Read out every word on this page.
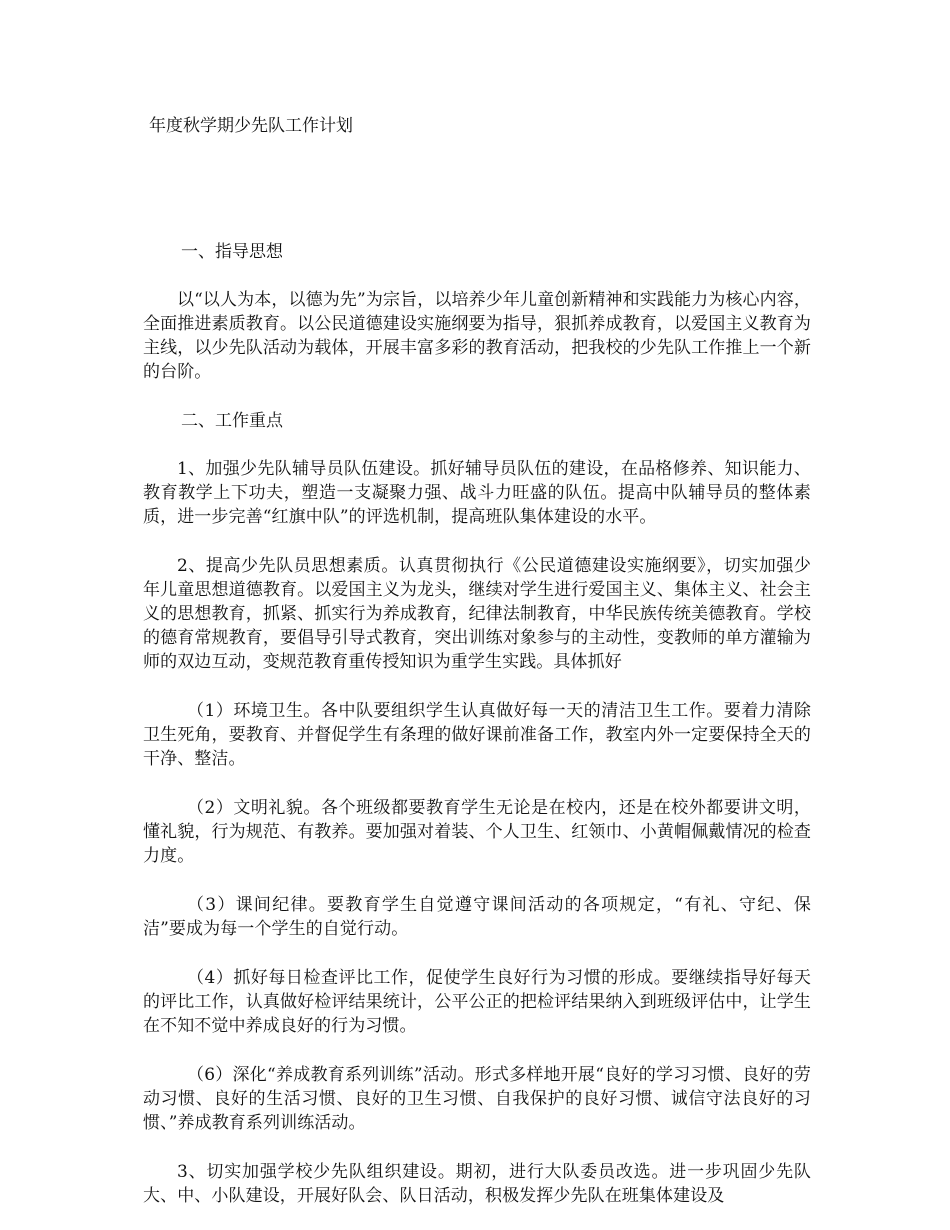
年度秋学期少先队工作计划
一、指导思想

以“以人为本，以德为先”为宗旨，以培养少年儿童创新精神和实践能力为核心内容，全面推进素质教育。以公民道德建设实施纲要为指导，狠抓养成教育，以爱国主义教育为主线，以少先队活动为载体，开展丰富多彩的教育活动，把我校的少先队工作推上一个新的台阶。

二、工作重点

1、加强少先队辅导员队伍建设。抓好辅导员队伍的建设，在品格修养、知识能力、教育教学上下功夫，塑造一支凝聚力强、战斗力旺盛的队伍。提高中队辅导员的整体素质，进一步完善“红旗中队”的评选机制，提高班队集体建设的水平。

2、提高少先队员思想素质。认真贯彻执行《公民道德建设实施纲要》，切实加强少年儿童思想道德教育。以爱国主义为龙头，继续对学生进行爱国主义、集体主义、社会主义的思想教育，抓紧、抓实行为养成教育，纪律法制教育，中华民族传统美德教育。学校的德育常规教育，要倡导引导式教育，突出训练对象参与的主动性，变教师的单方灌输为师的双边互动，变规范教育重传授知识为重学生实践。具体抓好

（1）环境卫生。各中队要组织学生认真做好每一天的清洁卫生工作。要着力清除卫生死角，要教育、并督促学生有条理的做好课前准备工作，教室内外一定要保持全天的干净、整洁。

（2）文明礼貌。各个班级都要教育学生无论是在校内，还是在校外都要讲文明，懂礼貌，行为规范、有教养。要加强对着装、个人卫生、红领巾、小黄帽佩戴情况的检查力度。

（3）课间纪律。要教育学生自觉遵守课间活动的各项规定，“有礼、守纪、保洁”要成为每一个学生的自觉行动。

（4）抓好每日检查评比工作，促使学生良好行为习惯的形成。要继续指导好每天的评比工作，认真做好检评结果统计，公平公正的把检评结果纳入到班级评估中，让学生在不知不觉中养成良好的行为习惯。

（6）深化“养成教育系列训练”活动。形式多样地开展“良好的学习习惯、良好的劳动习惯、良好的生活习惯、良好的卫生习惯、自我保护的良好习惯、诚信守法良好的习惯、”养成教育系列训练活动。

3、切实加强学校少先队组织建设。期初，进行大队委员改选。进一步巩固少先队大、中、小队建设，开展好队会、队日活动，积极发挥少先队在班集体建设及
